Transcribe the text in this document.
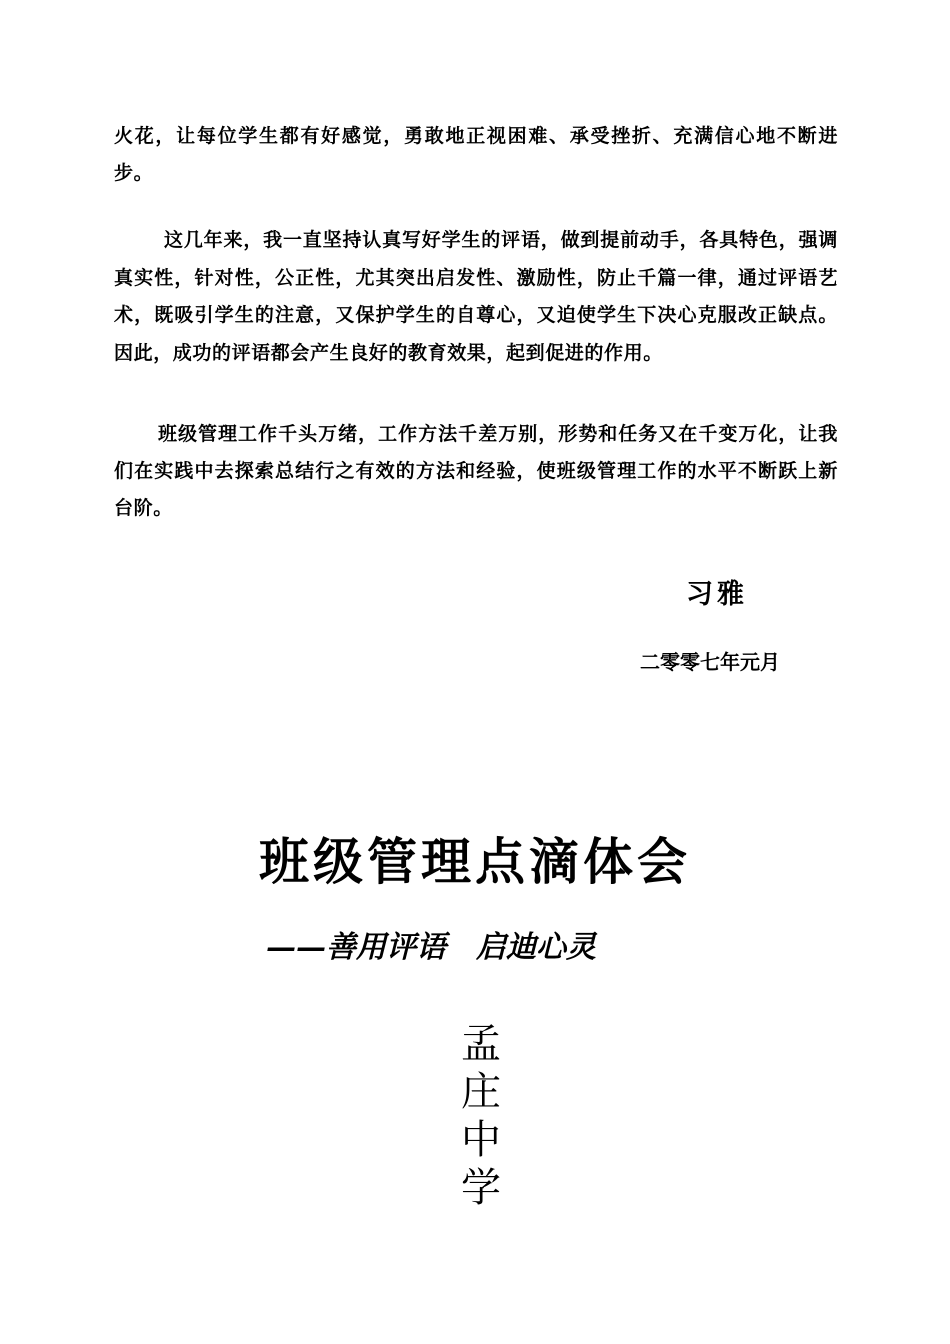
火花，让每位学生都有好感觉，勇敢地正视困难、承受挫折、充满信心地不断进步。
这几年来，我一直坚持认真写好学生的评语，做到提前动手，各具特色，强调真实性，针对性，公正性，尤其突出启发性、激励性，防止千篇一律，通过评语艺术，既吸引学生的注意，又保护学生的自尊心，又迫使学生下决心克服改正缺点。因此，成功的评语都会产生良好的教育效果，起到促进的作用。
班级管理工作千头万绪，工作方法千差万别，形势和任务又在千变万化，让我们在实践中去探索总结行之有效的方法和经验，使班级管理工作的水平不断跃上新台阶。
习雅
二零零七年元月
班级管理点滴体会
——善用评语　启迪心灵
孟
庄
中
学
